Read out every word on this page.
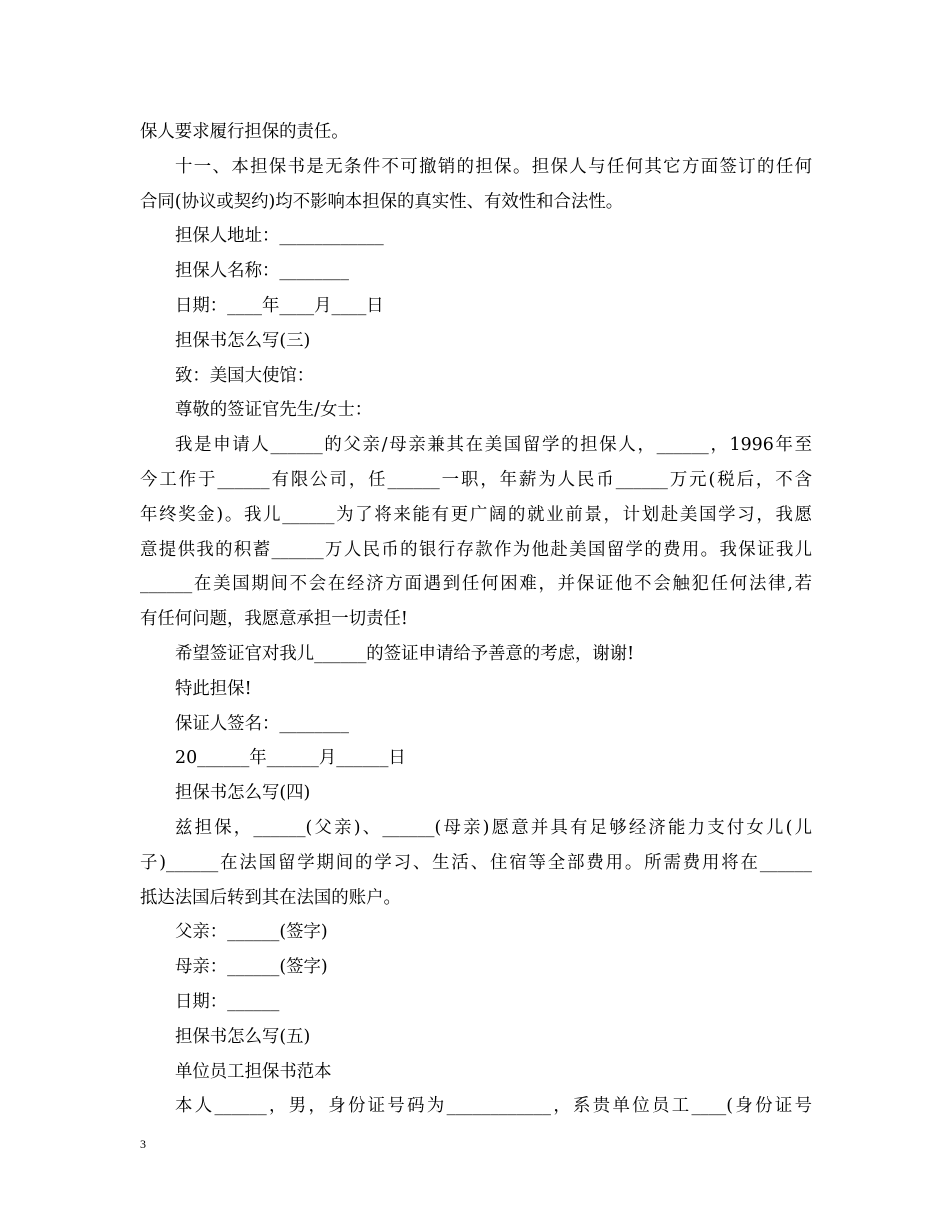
保人要求履行担保的责任。
十一、本担保书是无条件不可撤销的担保。担保人与任何其它方面签订的任何
合同(协议或契约)均不影响本担保的真实性、有效性和合法性。
担保人地址：____________
担保人名称：________
日期：____年____月____日
担保书怎么写(三)
致：美国大使馆：
尊敬的签证官先生/女士：
我是申请人______的父亲/母亲兼其在美国留学的担保人，______，1996年至
今工作于______有限公司，任______一职，年薪为人民币______万元(税后，不含
年终奖金)。我儿______为了将来能有更广阔的就业前景，计划赴美国学习，我愿
意提供我的积蓄______万人民币的银行存款作为他赴美国留学的费用。我保证我儿
______在美国期间不会在经济方面遇到任何困难，并保证他不会触犯任何法律,若
有任何问题，我愿意承担一切责任!
希望签证官对我儿______的签证申请给予善意的考虑，谢谢!
特此担保!
保证人签名：________
20______年______月______日
担保书怎么写(四)
兹担保，______(父亲)、______(母亲)愿意并具有足够经济能力支付女儿(儿
子)______在法国留学期间的学习、生活、住宿等全部费用。所需费用将在______
抵达法国后转到其在法国的账户。
父亲：______(签字)
母亲：______(签字)
日期：______
担保书怎么写(五)
单位员工担保书范本
本人______，男，身份证号码为____________，系贵单位员工____(身份证号
3
